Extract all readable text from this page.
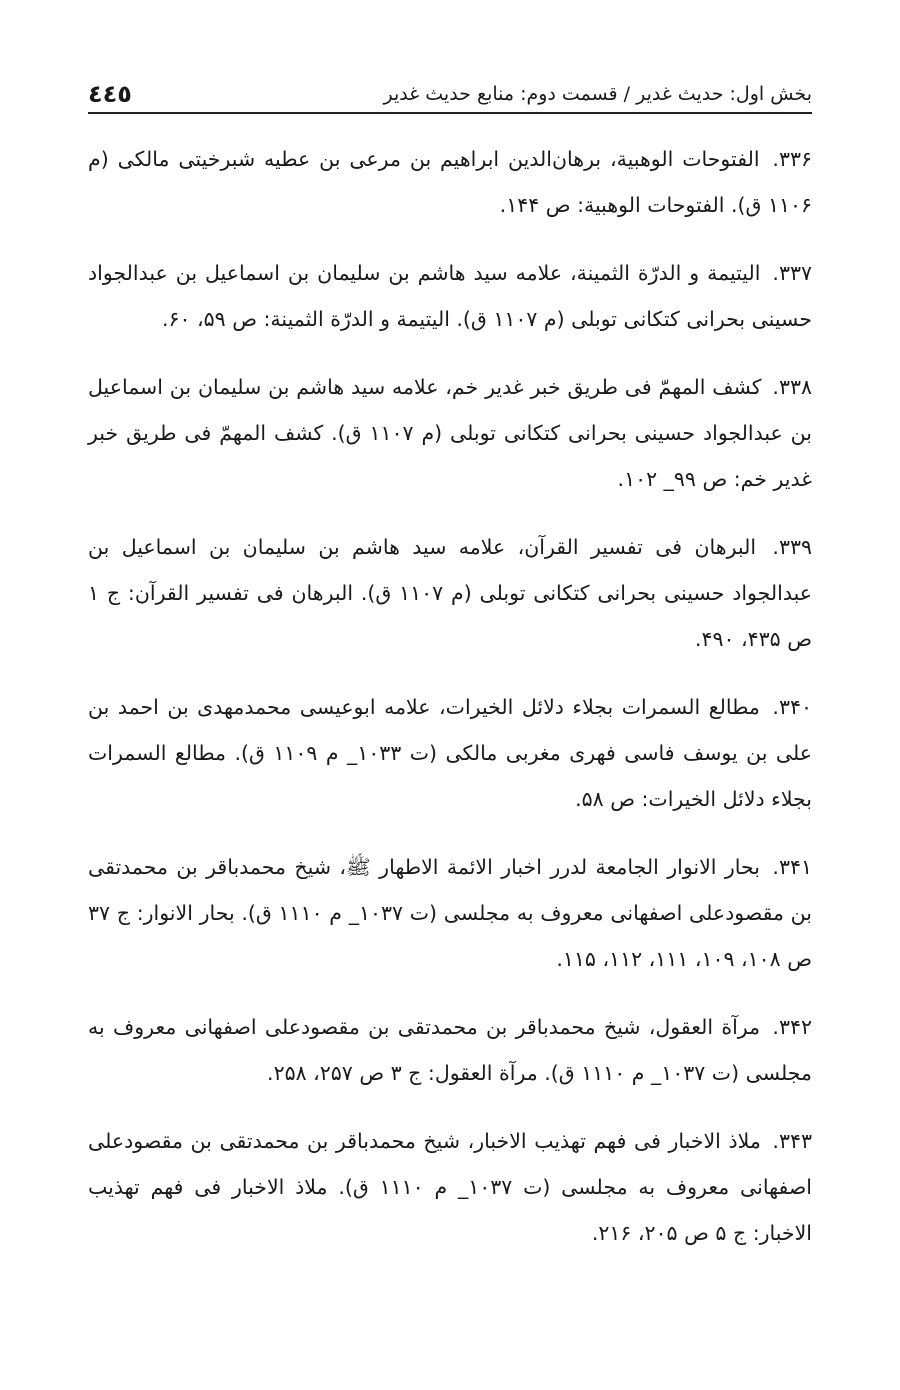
بخش اول: حدیث غدیر / قسمت دوم: منابع حدیث غدیر
٤٤٥

۳۳۶. الفتوحات الوهبیة، برهان‌الدین ابراهیم بن مرعی بن عطیه شبرخیتی مالکی (م ۱۱۰۶ ق). الفتوحات الوهبیة: ص ۱۴۴.

۳۳۷. الیتیمة و الدرّة الثمینة، علامه سید هاشم بن سلیمان بن اسماعیل بن عبدالجواد حسینی بحرانی کتکانی توبلی (م ۱۱۰۷ ق). الیتیمة و الدرّة الثمینة: ص ۵۹، ۶۰.

۳۳۸. کشف المهمّ فی طریق خبر غدیر خم، علامه سید هاشم بن سلیمان بن اسماعیل بن عبدالجواد حسینی بحرانی کتکانی توبلی (م ۱۱۰۷ ق). کشف المهمّ فی طریق خبر غدیر خم: ص ۹۹_ ۱۰۲.

۳۳۹. البرهان فی تفسیر القرآن، علامه سید هاشم بن سلیمان بن اسماعیل بن عبدالجواد حسینی بحرانی کتکانی توبلی (م ۱۱۰۷ ق). البرهان فی تفسیر القرآن: ج ۱ ص ۴۳۵، ۴۹۰.

۳۴۰. مطالع السمرات بجلاء دلائل الخیرات، علامه ابوعیسی محمدمهدی بن احمد بن علی بن یوسف فاسی فهری مغربی مالکی (ت ۱۰۳۳_ م ۱۱۰۹ ق). مطالع السمرات بجلاء دلائل الخیرات: ص ۵۸.

۳۴۱. بحار الانوار الجامعة لدرر اخبار الائمة الاطهار ﷺ، شیخ محمدباقر بن محمدتقی بن مقصودعلی اصفهانی معروف به مجلسی (ت ۱۰۳۷_ م ۱۱۱۰ ق). بحار الانوار: ج ۳۷ ص ۱۰۸، ۱۰۹، ۱۱۱، ۱۱۲، ۱۱۵.

۳۴۲. مرآة العقول، شیخ محمدباقر بن محمدتقی بن مقصودعلی اصفهانی معروف به مجلسی (ت ۱۰۳۷_ م ۱۱۱۰ ق). مرآة العقول: ج ۳ ص ۲۵۷، ۲۵۸.

۳۴۳. ملاذ الاخبار فی فهم تهذیب الاخبار، شیخ محمدباقر بن محمدتقی بن مقصودعلی اصفهانی معروف به مجلسی (ت ۱۰۳۷_ م ۱۱۱۰ ق). ملاذ الاخبار فی فهم تهذیب الاخبار: ج ۵ ص ۲۰۵، ۲۱۶.
